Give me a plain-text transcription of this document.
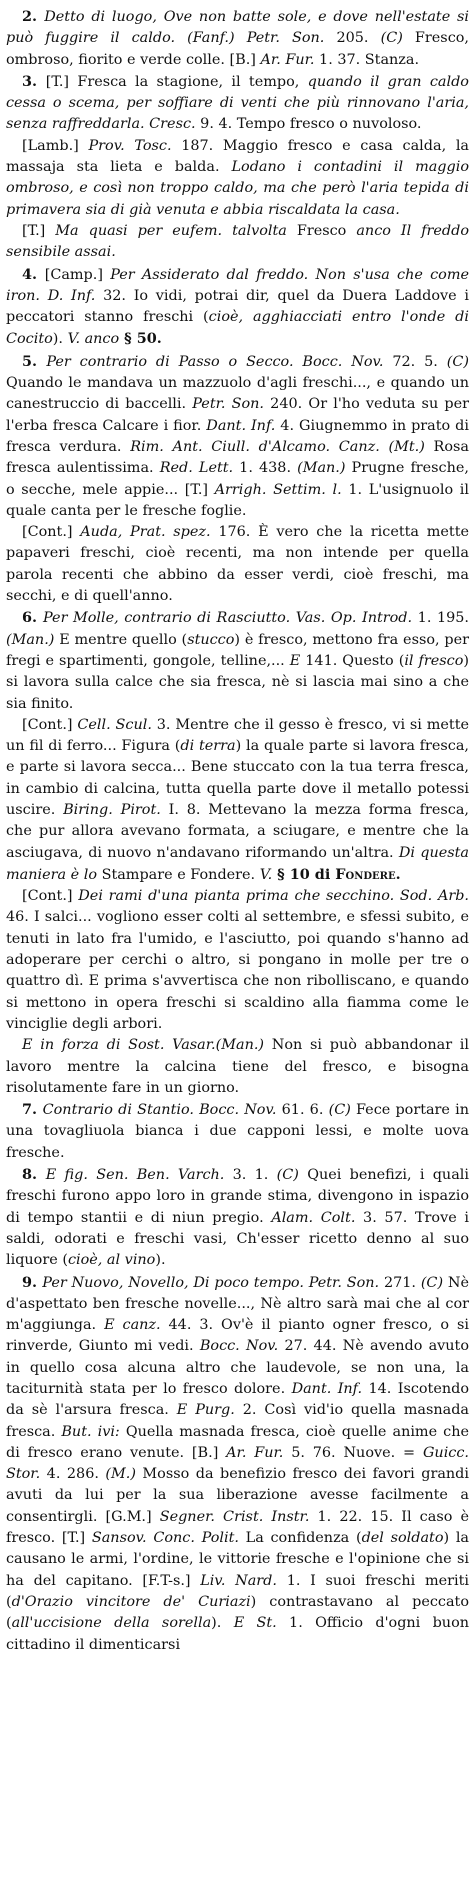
2. Detto di luogo, Ove non batte sole, e dove nell'estate si può fuggire il caldo. (Fanf.) Petr. Son. 205. (C) Fresco, ombroso, fiorito e verde colle. [B.] Ar. Fur. 1. 37. Stanza.

3. [T.] Fresca la stagione, il tempo, quando il gran caldo cessa o scema, per soffiare di venti che più rinnovano l'aria, senza raffreddarla. Cresc. 9. 4. Tempo fresco o nuvoloso.

[Lamb.] Prov. Tosc. 187. Maggio fresco e casa calda, la massaja sta lieta e balda. Lodano i contadini il maggio ombroso, e così non troppo caldo, ma che però l'aria tepida di primavera sia di già venuta e abbia riscaldata la casa.

[T.] Ma quasi per eufem. talvolta Fresco anco Il freddo sensibile assai.

4. [Camp.] Per Assiderato dal freddo. Non s'usa che come iron. D. Inf. 32. Io vidi, potrai dir, quel da Duera Laddove i peccatori stanno freschi (cioè, agghiacciati entro l'onde di Cocito). V. anco § 50.

5. Per contrario di Passo o Secco. Bocc. Nov. 72. 5. (C) Quando le mandava un mazzuolo d'agli freschi..., e quando un canestruccio di baccelli. Petr. Son. 240. Or l'ho veduta su per l'erba fresca Calcare i fior. Dant. Inf. 4. Giugnemmo in prato di fresca verdura. Rim. Ant. Ciull. d'Alcamo. Canz. (Mt.) Rosa fresca aulentissima. Red. Lett. 1. 438. (Man.) Prugne fresche, o secche, mele appie... [T.] Arrigh. Settim. l. 1. L'usignuolo il quale canta per le fresche foglie.

[Cont.] Auda, Prat. spez. 176. È vero che la ricetta mette papaveri freschi, cioè recenti, ma non intende per quella parola recenti che abbino da esser verdi, cioè freschi, ma secchi, e di quell'anno.

6. Per Molle, contrario di Rasciutto. Vas. Op. Introd. 1. 195. (Man.) E mentre quello (stucco) è fresco, mettono fra esso, per fregi e spartimenti, gongole, telline,... E 141. Questo (il fresco) si lavora sulla calce che sia fresca, nè si lascia mai sino a che sia finito.

[Cont.] Cell. Scul. 3. Mentre che il gesso è fresco, vi si mette un fil di ferro... Figura (di terra) la quale parte si lavora fresca, e parte si lavora secca... Bene stuccato con la tua terra fresca, in cambio di calcina, tutta quella parte dove il metallo potessi uscire. Biring. Pirot. I. 8. Mettevano la mezza forma fresca, che pur allora avevano formata, a sciugare, e mentre che la asciugava, di nuovo n'andavano riformando un'altra. Di questa maniera è lo Stampare e Fondere. V. § 10 di Fondere.

[Cont.] Dei rami d'una pianta prima che secchino. Sod. Arb. 46. I salci... vogliono esser colti al settembre, e sfessi subito, e tenuti in lato fra l'umido, e l'asciutto, poi quando s'hanno ad adoperare per cerchi o altro, si pongano in molle per tre o quattro dì. E prima s'avvertisca che non ribolliscano, e quando si mettono in opera freschi si scaldino alla fiamma come le vinciglie degli arbori.

E in forza di Sost. Vasar.(Man.) Non si può abbandonar il lavoro mentre la calcina tiene del fresco, e bisogna risolutamente fare in un giorno.

7. Contrario di Stantio. Bocc. Nov. 61. 6. (C) Fece portare in una tovagliuola bianca i due capponi lessi, e molte uova fresche.

8. E fig. Sen. Ben. Varch. 3. 1. (C) Quei benefizi, i quali freschi furono appo loro in grande stima, divengono in ispazio di tempo stantii e di niun pregio. Alam. Colt. 3. 57. Trove i saldi, odorati e freschi vasi, Ch'esser ricetto denno al suo liquore (cioè, al vino).

9. Per Nuovo, Novello, Di poco tempo. Petr. Son. 271. (C) Nè d'aspettato ben fresche novelle..., Nè altro sarà mai che al cor m'aggiunga. E canz. 44. 3. Ov'è il pianto ogner fresco, o si rinverde, Giunto mi vedi. Bocc. Nov. 27. 44. Nè avendo avuto in quello cosa alcuna altro che laudevole, se non una, la taciturnità stata per lo fresco dolore. Dant. Inf. 14. Iscotendo da sè l'arsura fresca. E Purg. 2. Così vid'io quella masnada fresca. But. ivi: Quella masnada fresca, cioè quelle anime che di fresco erano venute. [B.] Ar. Fur. 5. 76. Nuove. = Guicc. Stor. 4. 286. (M.) Mosso da benefizio fresco dei favori grandi avuti da lui per la sua liberazione avesse facilmente a consentirgli. [G.M.] Segner. Crist. Instr. 1. 22. 15. Il caso è fresco. [T.] Sansov. Conc. Polit. La confidenza (del soldato) la causano le armi, l'ordine, le vittorie fresche e l'opinione che si ha del capitano. [F.T-s.] Liv. Nard. 1. I suoi freschi meriti (d'Orazio vincitore de' Curiazi) contrastavano al peccato (all'uccisione della sorella). E St. 1. Officio d'ogni buon cittadino il dimenticarsi
